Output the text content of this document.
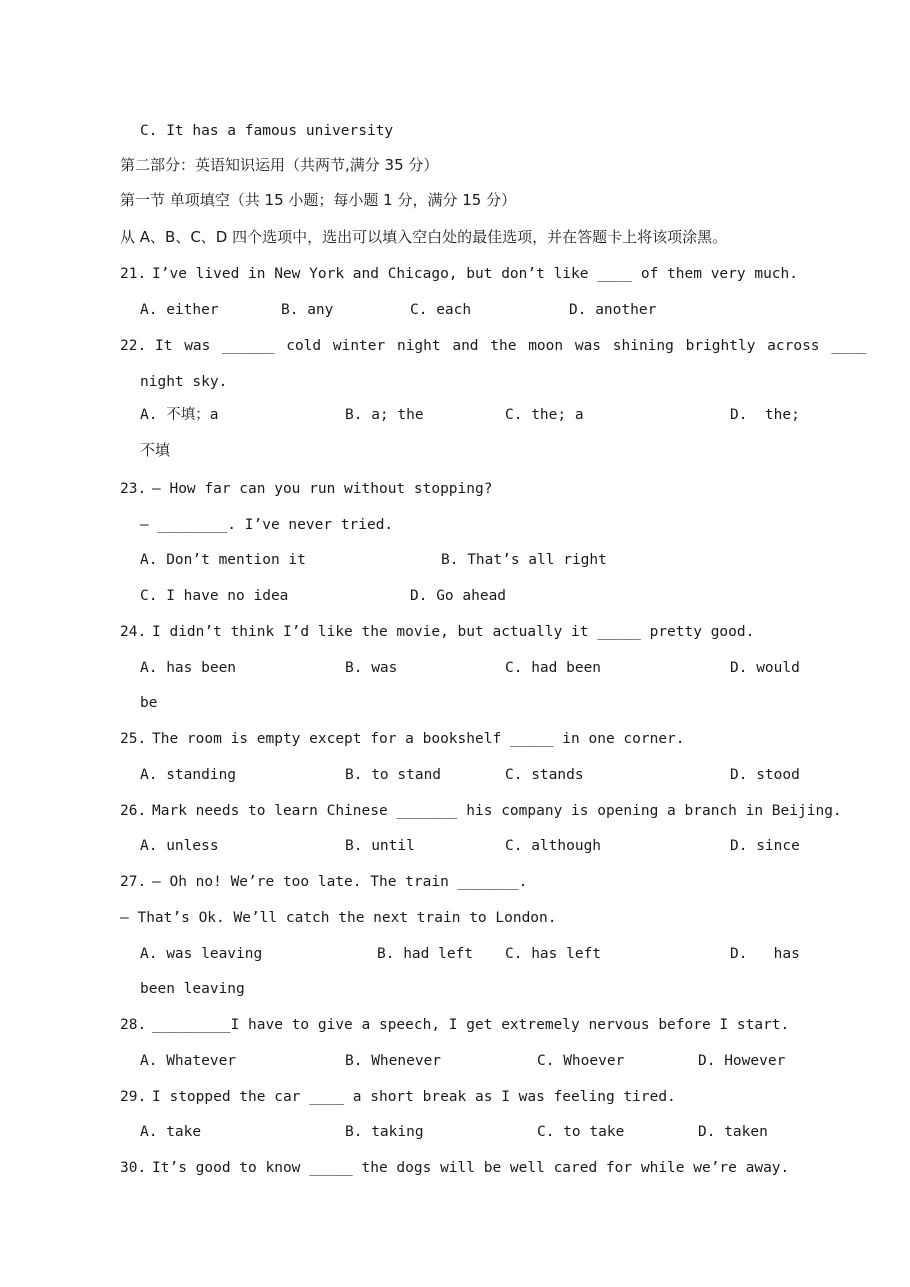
C. It has a famous university
第二部分：英语知识运用（共两节,满分 35 分）
第一节 单项填空（共 15 小题；每小题 1 分，满分 15 分）
从 A、B、C、D 四个选项中，选出可以填入空白处的最佳选项，并在答题卡上将该项涂黑。
21. I’ve lived in New York and Chicago, but don’t like ____ of them very much.
A. either	B. any	C. each	D. another
22. It was ______ cold winter night and the moon was shining brightly across ____
night sky.
A. 不填；a	B. a; the	C. the; a	D.  the;
不填
23. — How far can you run without stopping?
— ________. I’ve never tried.
A. Don’t mention it	B. That’s all right
C. I have no idea	D. Go ahead
24. I didn’t think I’d like the movie, but actually it _____ pretty good.
A. has been	B. was	C. had been	D. would
be
25. The room is empty except for a bookshelf _____ in one corner.
A. standing	B. to stand	C. stands	D. stood
26. Mark needs to learn Chinese _______ his company is opening a branch in Beijing.
A. unless	B. until	C. although	D. since
27. — Oh no! We’re too late. The train _______.
— That’s Ok. We’ll catch the next train to London.
A. was leaving	B. had left C. has left	D.   has
been leaving
28. _________I have to give a speech, I get extremely nervous before I start.
A. Whatever	B. Whenever	C. Whoever	D. However
29. I stopped the car ____ a short break as I was feeling tired.
A. take	B. taking	C. to take	D. taken
30. It’s good to know _____ the dogs will be well cared for while we’re away.
